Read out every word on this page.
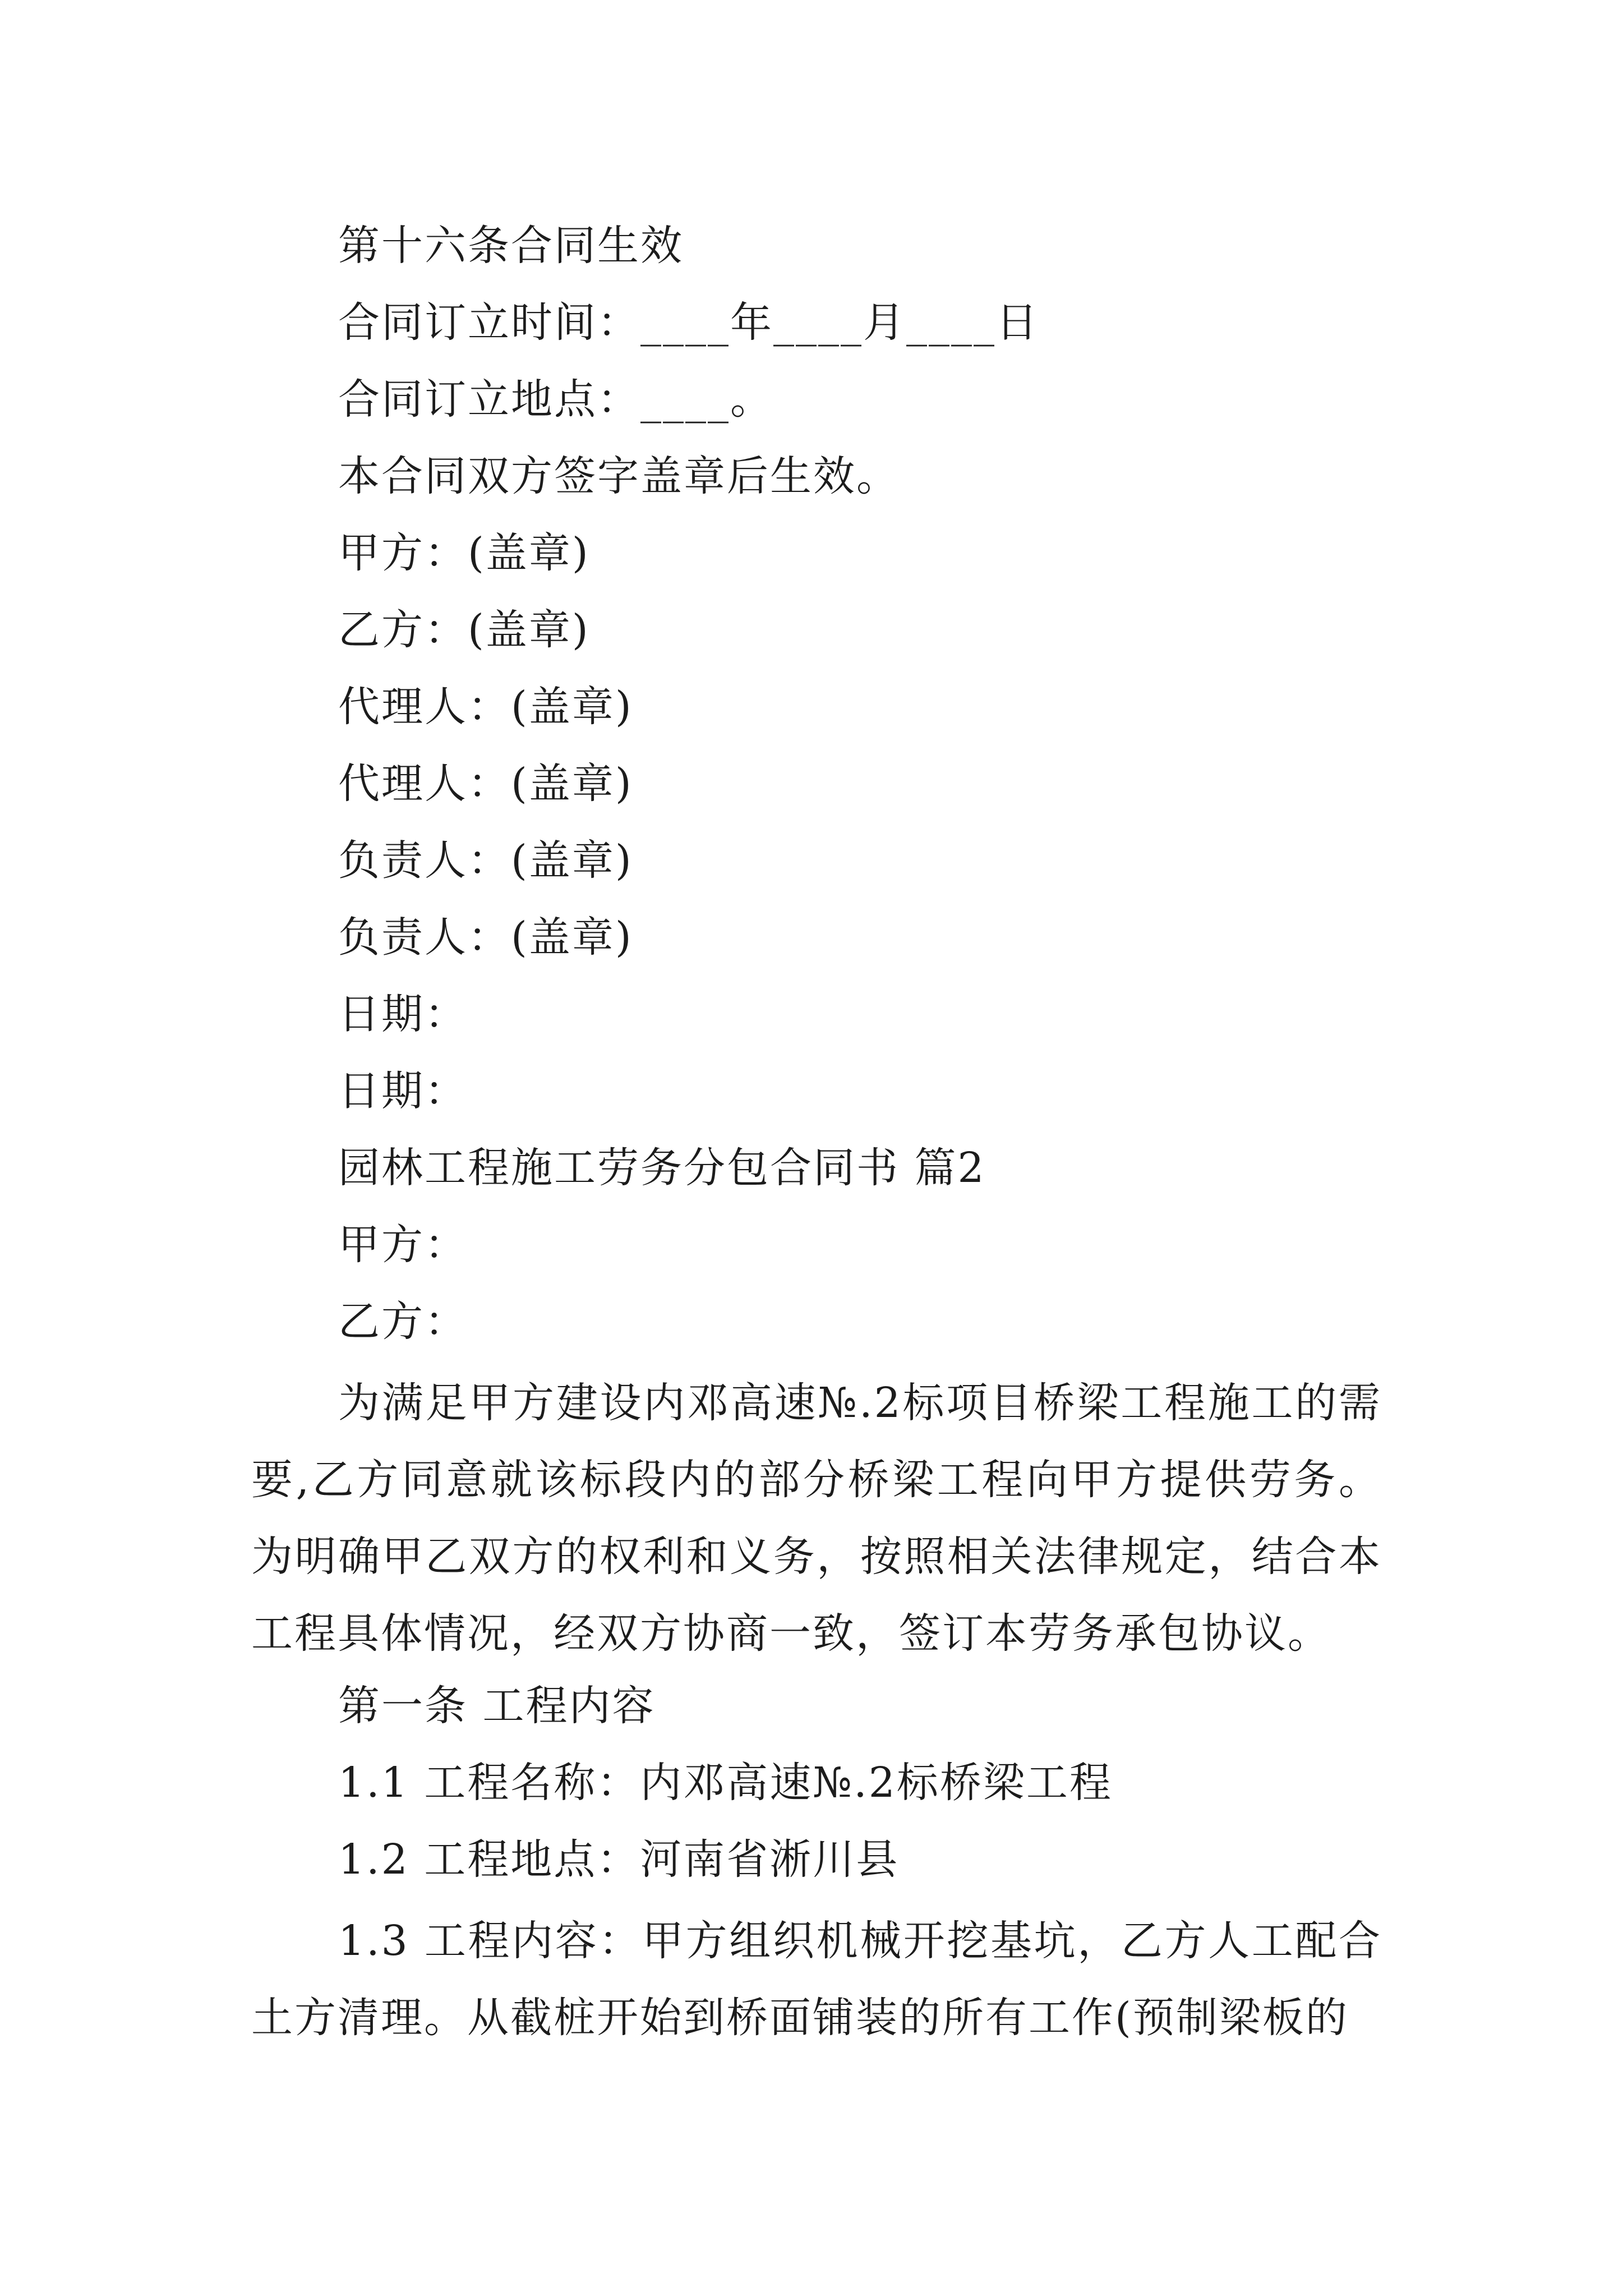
第十六条合同生效
合同订立时间：____年____月____日
合同订立地点：____。
本合同双方签字盖章后生效。
甲方：(盖章)
乙方：(盖章)
代理人：(盖章)
代理人：(盖章)
负责人：(盖章)
负责人：(盖章)
日期：
日期：
园林工程施工劳务分包合同书 篇2
甲方：
乙方：

为满足甲方建设内邓高速№.2标项目桥梁工程施工的需要,乙方同意就该标段内的部分桥梁工程向甲方提供劳务。为明确甲乙双方的权利和义务，按照相关法律规定，结合本工程具体情况，经双方协商一致，签订本劳务承包协议。

第一条 工程内容
1.1 工程名称：内邓高速№.2标桥梁工程
1.2 工程地点：河南省淅川县

1.3 工程内容：甲方组织机械开挖基坑，乙方人工配合土方清理。从截桩开始到桥面铺装的所有工作(预制梁板的
